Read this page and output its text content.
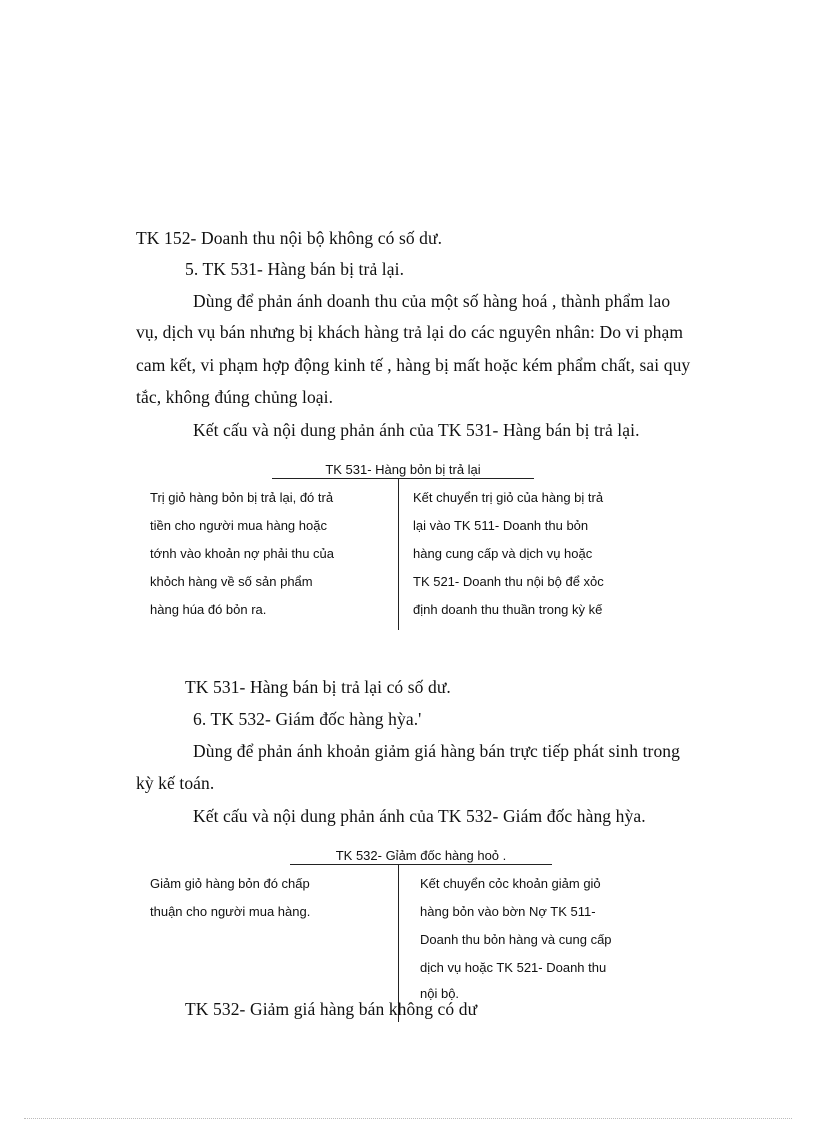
TK 152- Doanh thu nội bộ không có số dư.
5. TK 531- Hàng bán bị trả lại.
Dùng để phản ánh doanh thu của một số hàng hoá , thành phẩm lao
vụ, dịch vụ bán nhưng bị khách hàng trả lại do các nguyên nhân: Do vi phạm
cam kết, vi phạm hợp động kinh tế , hàng bị mất hoặc kém phẩm chất, sai quy
tắc, không đúng chủng loại.
Kết cấu và nội dung phản ánh của TK 531- Hàng bán bị trả lại.
TK 531- Hàng bỏn bị trả lại
Trị giỏ hàng bỏn bị trả lại, đó trả
tiền cho người mua hàng hoặc
tớnh vào khoản nợ phải thu của
khỏch hàng về số sản phẩm
hàng húa đó bỏn ra.
Kết chuyển trị giỏ của hàng bị trả
lại vào TK 511- Doanh thu bỏn
hàng cung cấp và dịch vụ hoặc
TK 521- Doanh thu nội bộ để xỏc
định doanh thu thuần trong kỳ kế
TK 531- Hàng bán bị trả lại có số dư.
6. TK 532- Giám đốc hàng hỳa.'
Dùng để phản ánh khoản giảm giá hàng bán trực tiếp phát sinh trong
kỳ kế toán.
Kết cấu và nội dung phản ánh của TK 532- Giám đốc hàng hỳa.
TK 532- Gỉảm đốc hàng hoỏ .
Giảm giỏ hàng bỏn đó chấp
thuận cho người mua hàng.
Kết chuyển cỏc khoản giảm giỏ
hàng bỏn vào bờn Nợ TK 511-
Doanh thu bỏn hàng và cung cấp
dịch vụ hoặc TK 521- Doanh thu
nội bộ.
TK 532- Giảm giá hàng bán không có dư
